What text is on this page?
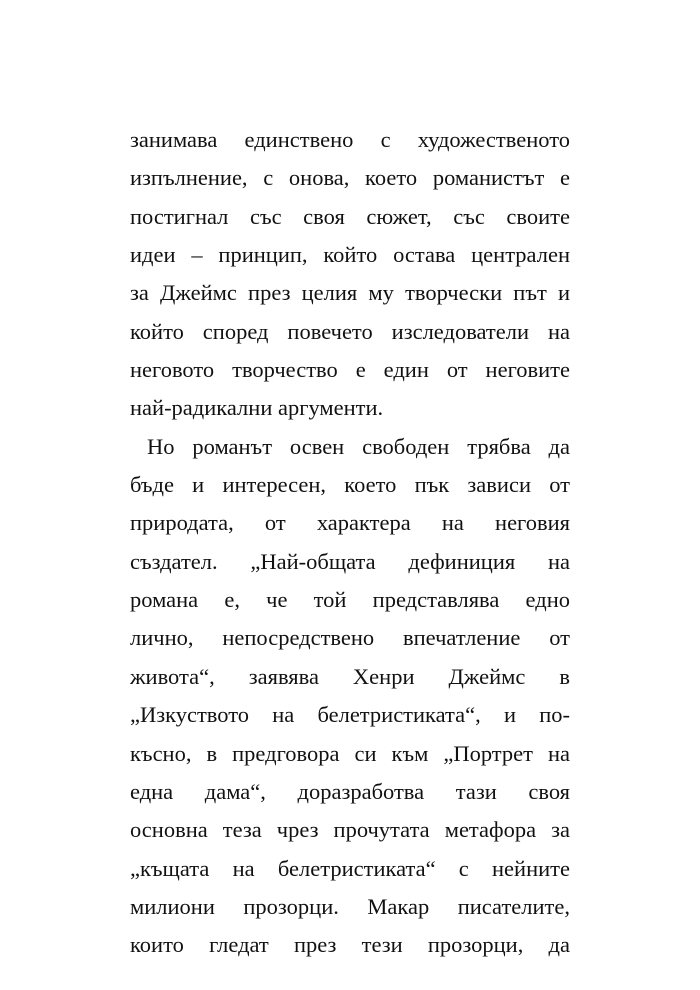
занимава единствено с художественото
изпълнение, с онова, което романистът е
постигнал със своя сюжет, със своите
идеи – принцип, който остава централен
за Джеймс през целия му творчески път и
който според повечето изследователи на
неговото творчество е един от неговите
най-радикални аргументи.
Но романът освен свободен трябва да
бъде и интересен, което пък зависи от
природата, от характера на неговия
създател. „Най-общата дефиниция на
романа е, че той представлява едно
лично, непосредствено впечатление от
живота“, заявява Хенри Джеймс в
„Изкуството на белетристиката“, и по-
късно, в предговора си към „Портрет на
една дама“, доразработва тази своя
основна теза чрез прочутата метафора за
„къщата на белетристиката“ с нейните
милиони прозорци. Макар писателите,
които гледат през тези прозорци, да
